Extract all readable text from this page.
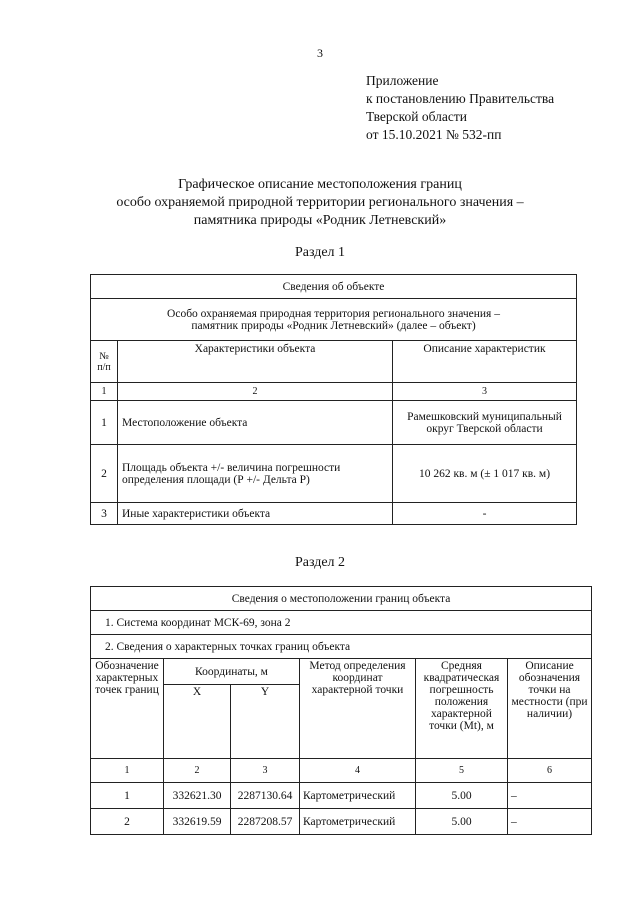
3
Приложение
к постановлению Правительства
Тверской области
от 15.10.2021 № 532-пп
Графическое описание местоположения границ
особо охраняемой природной территории регионального значения –
памятника природы «Родник Летневский»
Раздел 1
Сведения об объекте		

Особо охраняемая природная территория регионального значения –
памятник природы «Родник Летневский» (далее – объект)		

№ п/п	Характеристики объекта	Описание характеристик
1	2	3
1	Местоположение объекта	Рамешковский муниципальный округ Тверской области
2	Площадь объекта +/- величина погрешности определения площади (Р +/- Дельта Р)	10 262 кв. м (± 1 017 кв. м)
3	Иные характеристики объекта	-
Раздел 2
Сведения о местоположении границ объекта					
1. Система координат МСК-69, зона 2					
2. Сведения о характерных точках границ объекта					
Обозначение характерных точек границ	Координаты, м		Метод определения координат характерной точки	Средняя квадратическая погрешность положения характерной точки (Mt), м	Описание обозначения точки на местности (при наличии)
	X	Y			
1	2	3	4	5	6
1	332621.30	2287130.64	Картометрический	5.00	–
2	332619.59	2287208.57	Картометрический	5.00	–
